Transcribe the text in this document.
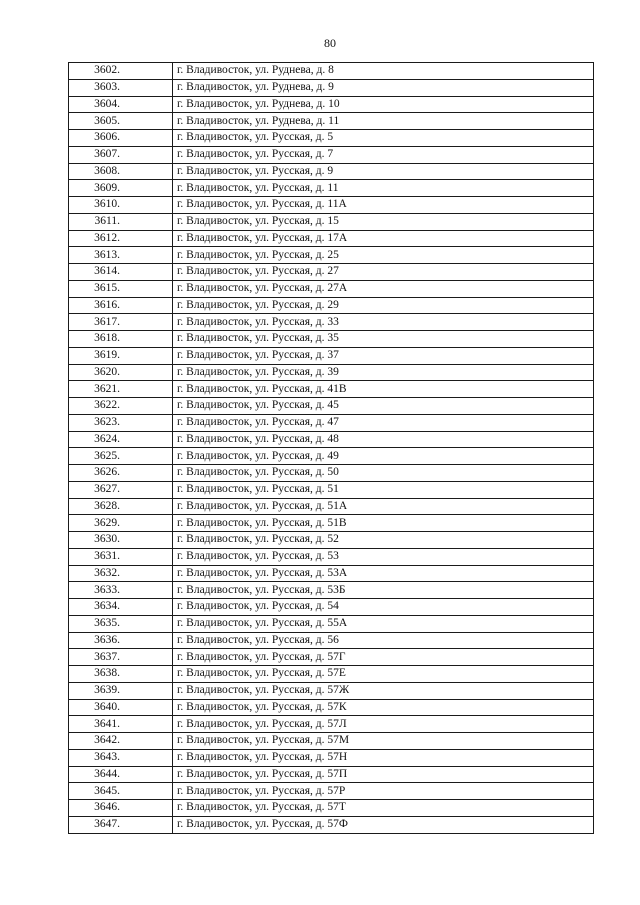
80
3602.	г. Владивосток, ул. Руднева, д. 8
3603.	г. Владивосток, ул. Руднева, д. 9
3604.	г. Владивосток, ул. Руднева, д. 10
3605.	г. Владивосток, ул. Руднева, д. 11
3606.	г. Владивосток, ул. Русская, д. 5
3607.	г. Владивосток, ул. Русская, д. 7
3608.	г. Владивосток, ул. Русская, д. 9
3609.	г. Владивосток, ул. Русская, д. 11
3610.	г. Владивосток, ул. Русская, д. 11А
3611.	г. Владивосток, ул. Русская, д. 15
3612.	г. Владивосток, ул. Русская, д. 17А
3613.	г. Владивосток, ул. Русская, д. 25
3614.	г. Владивосток, ул. Русская, д. 27
3615.	г. Владивосток, ул. Русская, д. 27А
3616.	г. Владивосток, ул. Русская, д. 29
3617.	г. Владивосток, ул. Русская, д. 33
3618.	г. Владивосток, ул. Русская, д. 35
3619.	г. Владивосток, ул. Русская, д. 37
3620.	г. Владивосток, ул. Русская, д. 39
3621.	г. Владивосток, ул. Русская, д. 41В
3622.	г. Владивосток, ул. Русская, д. 45
3623.	г. Владивосток, ул. Русская, д. 47
3624.	г. Владивосток, ул. Русская, д. 48
3625.	г. Владивосток, ул. Русская, д. 49
3626.	г. Владивосток, ул. Русская, д. 50
3627.	г. Владивосток, ул. Русская, д. 51
3628.	г. Владивосток, ул. Русская, д. 51А
3629.	г. Владивосток, ул. Русская, д. 51В
3630.	г. Владивосток, ул. Русская, д. 52
3631.	г. Владивосток, ул. Русская, д. 53
3632.	г. Владивосток, ул. Русская, д. 53А
3633.	г. Владивосток, ул. Русская, д. 53Б
3634.	г. Владивосток, ул. Русская, д. 54
3635.	г. Владивосток, ул. Русская, д. 55А
3636.	г. Владивосток, ул. Русская, д. 56
3637.	г. Владивосток, ул. Русская, д. 57Г
3638.	г. Владивосток, ул. Русская, д. 57Е
3639.	г. Владивосток, ул. Русская, д. 57Ж
3640.	г. Владивосток, ул. Русская, д. 57К
3641.	г. Владивосток, ул. Русская, д. 57Л
3642.	г. Владивосток, ул. Русская, д. 57М
3643.	г. Владивосток, ул. Русская, д. 57Н
3644.	г. Владивосток, ул. Русская, д. 57П
3645.	г. Владивосток, ул. Русская, д. 57Р
3646.	г. Владивосток, ул. Русская, д. 57Т
3647.	г. Владивосток, ул. Русская, д. 57Ф
